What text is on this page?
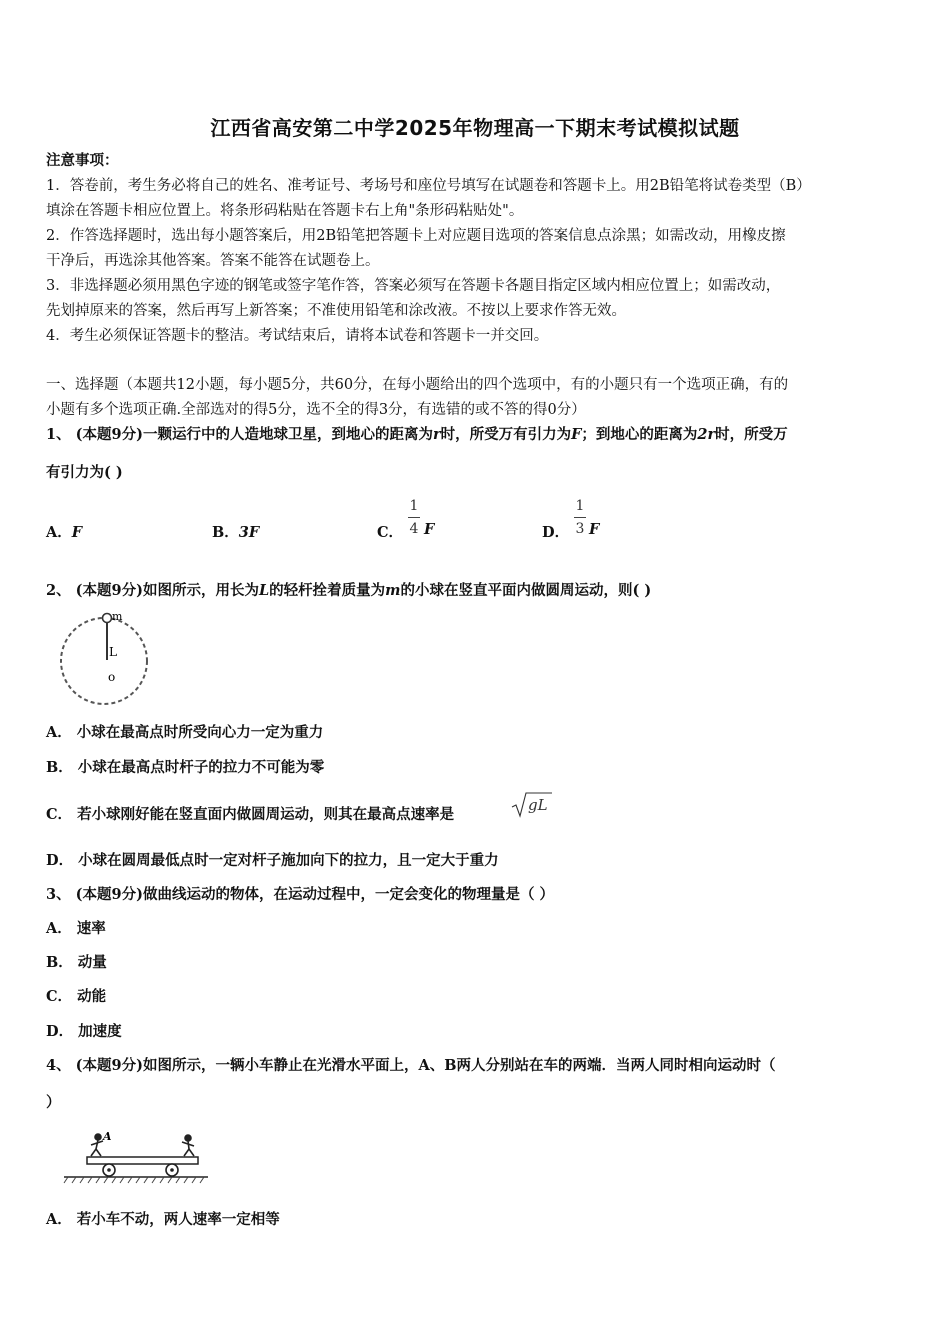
江西省高安第二中学2025年物理高一下期末考试模拟试题
注意事项：
1．答卷前，考生务必将自己的姓名、准考证号、考场号和座位号填写在试题卷和答题卡上。用2B铅笔将试卷类型（B）
填涂在答题卡相应位置上。将条形码粘贴在答题卡右上角"条形码粘贴处"。
2．作答选择题时，选出每小题答案后，用2B铅笔把答题卡上对应题目选项的答案信息点涂黑；如需改动，用橡皮擦
干净后，再选涂其他答案。答案不能答在试题卷上。
3．非选择题必须用黑色字迹的钢笔或签字笔作答，答案必须写在答题卡各题目指定区域内相应位置上；如需改动，
先划掉原来的答案，然后再写上新答案；不准使用铅笔和涂改液。不按以上要求作答无效。
4．考生必须保证答题卡的整洁。考试结束后，请将本试卷和答题卡一并交回。
一、选择题（本题共12小题，每小题5分，共60分，在每小题给出的四个选项中，有的小题只有一个选项正确，有的
小题有多个选项正确.全部选对的得5分，选不全的得3分，有选错的或不答的得0分）
1、 (本题9分)一颗运行中的人造地球卫星，到地心的距离为r时，所受万有引力为F；到地心的距离为2r时，所受万
有引力为( )
A．F	B．3F	C．
1
4 F	D．
1
3 F
2、 (本题9分)如图所示，用长为L的轻杆拴着质量为m的小球在竖直平面内做圆周运动，则( )
m
L
o
A． 小球在最高点时所受向心力一定为重力
B． 小球在最高点时杆子的拉力不可能为零
C． 若小球刚好能在竖直面内做圆周运动，则其在最高点速率是
gL
D． 小球在圆周最低点时一定对杆子施加向下的拉力，且一定大于重力
3、 (本题9分)做曲线运动的物体，在运动过程中，一定会变化的物理量是（ ）
A． 速率
B． 动量
C． 动能
D． 加速度
4、 (本题9分)如图所示，一辆小车静止在光滑水平面上，A、B两人分别站在车的两端．当两人同时相向运动时（
）
A
A． 若小车不动，两人速率一定相等
